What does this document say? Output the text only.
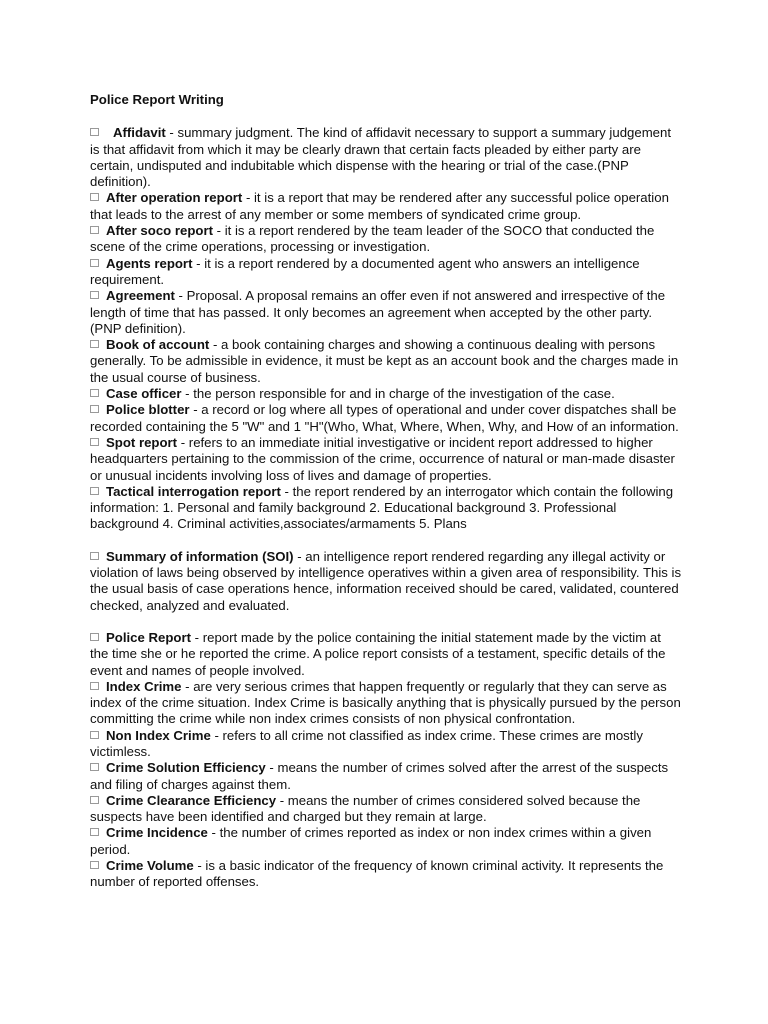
Police Report Writing

Affidavit - summary judgment. The kind of affidavit necessary to support a summary judgement is that affidavit from which it may be clearly drawn that certain facts pleaded by either party are certain, undisputed and indubitable which dispense with the hearing or trial of the case.(PNP definition).

After operation report - it is a report that may be rendered after any successful police operation that leads to the arrest of any member or some members of syndicated crime group.

After soco report - it is a report rendered by the team leader of the SOCO that conducted the scene of the crime operations, processing or investigation.

Agents report - it is a report rendered by a documented agent who answers an intelligence requirement.

Agreement - Proposal. A proposal remains an offer even if not answered and irrespective of the length of time that has passed. It only becomes an agreement when accepted by the other party.(PNP definition).

Book of account - a book containing charges and showing a continuous dealing with persons generally. To be admissible in evidence, it must be kept as an account book and the charges made in the usual course of business.

Case officer - the person responsible for and in charge of the investigation of the case.

Police blotter - a record or log where all types of operational and under cover dispatches shall be recorded containing the 5 "W" and 1 "H"(Who, What, Where, When, Why, and How of an information.

Spot report - refers to an immediate initial investigative or incident report addressed to higher headquarters pertaining to the commission of the crime, occurrence of natural or man-made disaster or unusual incidents involving loss of lives and damage of properties.

Tactical interrogation report - the report rendered by an interrogator which contain the following information: 1. Personal and family background 2. Educational background 3. Professional background 4. Criminal activities,associates/armaments 5. Plans

Summary of information (SOI) - an intelligence report rendered regarding any illegal activity or violation of laws being observed by intelligence operatives within a given area of responsibility. This is the usual basis of case operations hence, information received should be cared, validated, countered checked, analyzed and evaluated.

Police Report - report made by the police containing the initial statement made by the victim at the time she or he reported the crime. A police report consists of a testament, specific details of the event and names of people involved.

Index Crime - are very serious crimes that happen frequently or regularly that they can serve as index of the crime situation. Index Crime is basically anything that is physically pursued by the person committing the crime while non index crimes consists of non physical confrontation.

Non Index Crime - refers to all crime not classified as index crime. These crimes are mostly victimless.

Crime Solution Efficiency - means the number of crimes solved after the arrest of the suspects and filing of charges against them.

Crime Clearance Efficiency - means the number of crimes considered solved because the suspects have been identified and charged but they remain at large.

Crime Incidence - the number of crimes reported as index or non index crimes within a given period.

Crime Volume - is a basic indicator of the frequency of known criminal activity. It represents the number of reported offenses.
